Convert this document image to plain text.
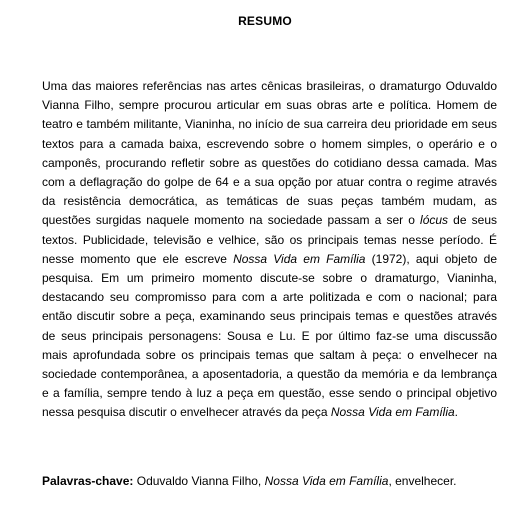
RESUMO
Uma das maiores referências nas artes cênicas brasileiras, o dramaturgo Oduvaldo
Vianna Filho, sempre procurou articular em suas obras arte e política. Homem de
teatro e também militante, Vianinha, no início de sua carreira deu prioridade em seus
textos para a camada baixa, escrevendo sobre o homem simples, o operário e o
camponês, procurando refletir sobre as questões do cotidiano dessa camada. Mas
com a deflagração do golpe de 64 e a sua opção por atuar contra o regime através
da resistência democrática, as temáticas de suas peças também mudam, as
questões surgidas naquele momento na sociedade passam a ser o lócus de seus
textos. Publicidade, televisão e velhice, são os principais temas nesse período. É
nesse momento que ele escreve Nossa Vida em Família (1972), aqui objeto de
pesquisa. Em um primeiro momento discute-se sobre o dramaturgo, Vianinha,
destacando seu compromisso para com a arte politizada e com o nacional; para
então discutir sobre a peça, examinando seus principais temas e questões através
de seus principais personagens: Sousa e Lu. E por último faz-se uma discussão
mais aprofundada sobre os principais temas que saltam à peça: o envelhecer na
sociedade contemporânea, a aposentadoria, a questão da memória e da lembrança
e a família, sempre tendo à luz a peça em questão, esse sendo o principal objetivo
nessa pesquisa discutir o envelhecer através da peça Nossa Vida em Família.
Palavras-chave: Oduvaldo Vianna Filho, Nossa Vida em Família, envelhecer.
